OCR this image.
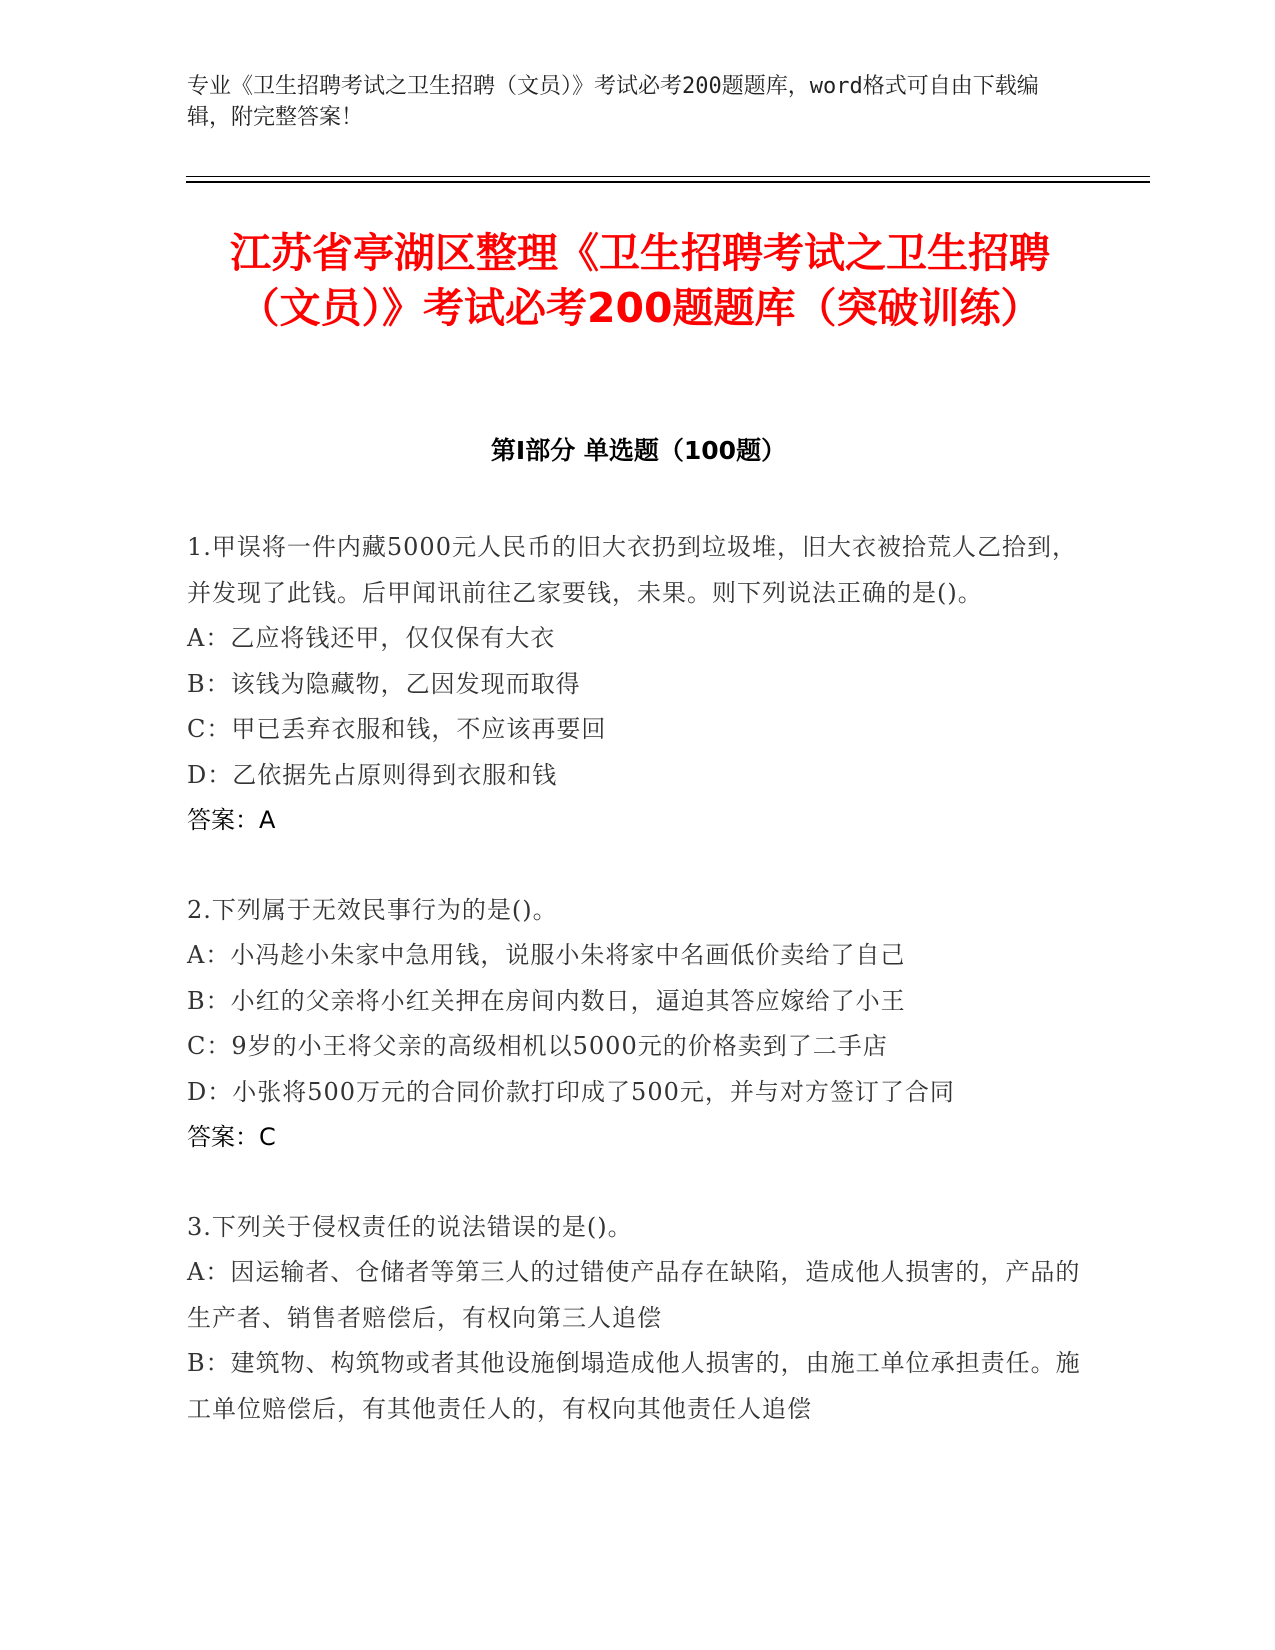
专业《卫生招聘考试之卫生招聘（文员）》考试必考200题题库，word格式可自由下载编辑，附完整答案！

江苏省亭湖区整理《卫生招聘考试之卫生招聘（文员）》考试必考200题题库（突破训练）
第Ⅰ部分 单选题（100题）

1.甲误将一件内藏5000元人民币的旧大衣扔到垃圾堆，旧大衣被拾荒人乙拾到，并发现了此钱。后甲闻讯前往乙家要钱，未果。则下列说法正确的是()。

A：乙应将钱还甲，仅仅保有大衣

B：该钱为隐藏物，乙因发现而取得

C：甲已丢弃衣服和钱，不应该再要回

D：乙依据先占原则得到衣服和钱

答案：A

2.下列属于无效民事行为的是()。

A：小冯趁小朱家中急用钱，说服小朱将家中名画低价卖给了自己

B：小红的父亲将小红关押在房间内数日，逼迫其答应嫁给了小王

C：9岁的小王将父亲的高级相机以5000元的价格卖到了二手店

D：小张将500万元的合同价款打印成了500元，并与对方签订了合同

答案：C

3.下列关于侵权责任的说法错误的是()。

A：因运输者、仓储者等第三人的过错使产品存在缺陷，造成他人损害的，产品的生产者、销售者赔偿后，有权向第三人追偿

B：建筑物、构筑物或者其他设施倒塌造成他人损害的，由施工单位承担责任。施工单位赔偿后，有其他责任人的，有权向其他责任人追偿
